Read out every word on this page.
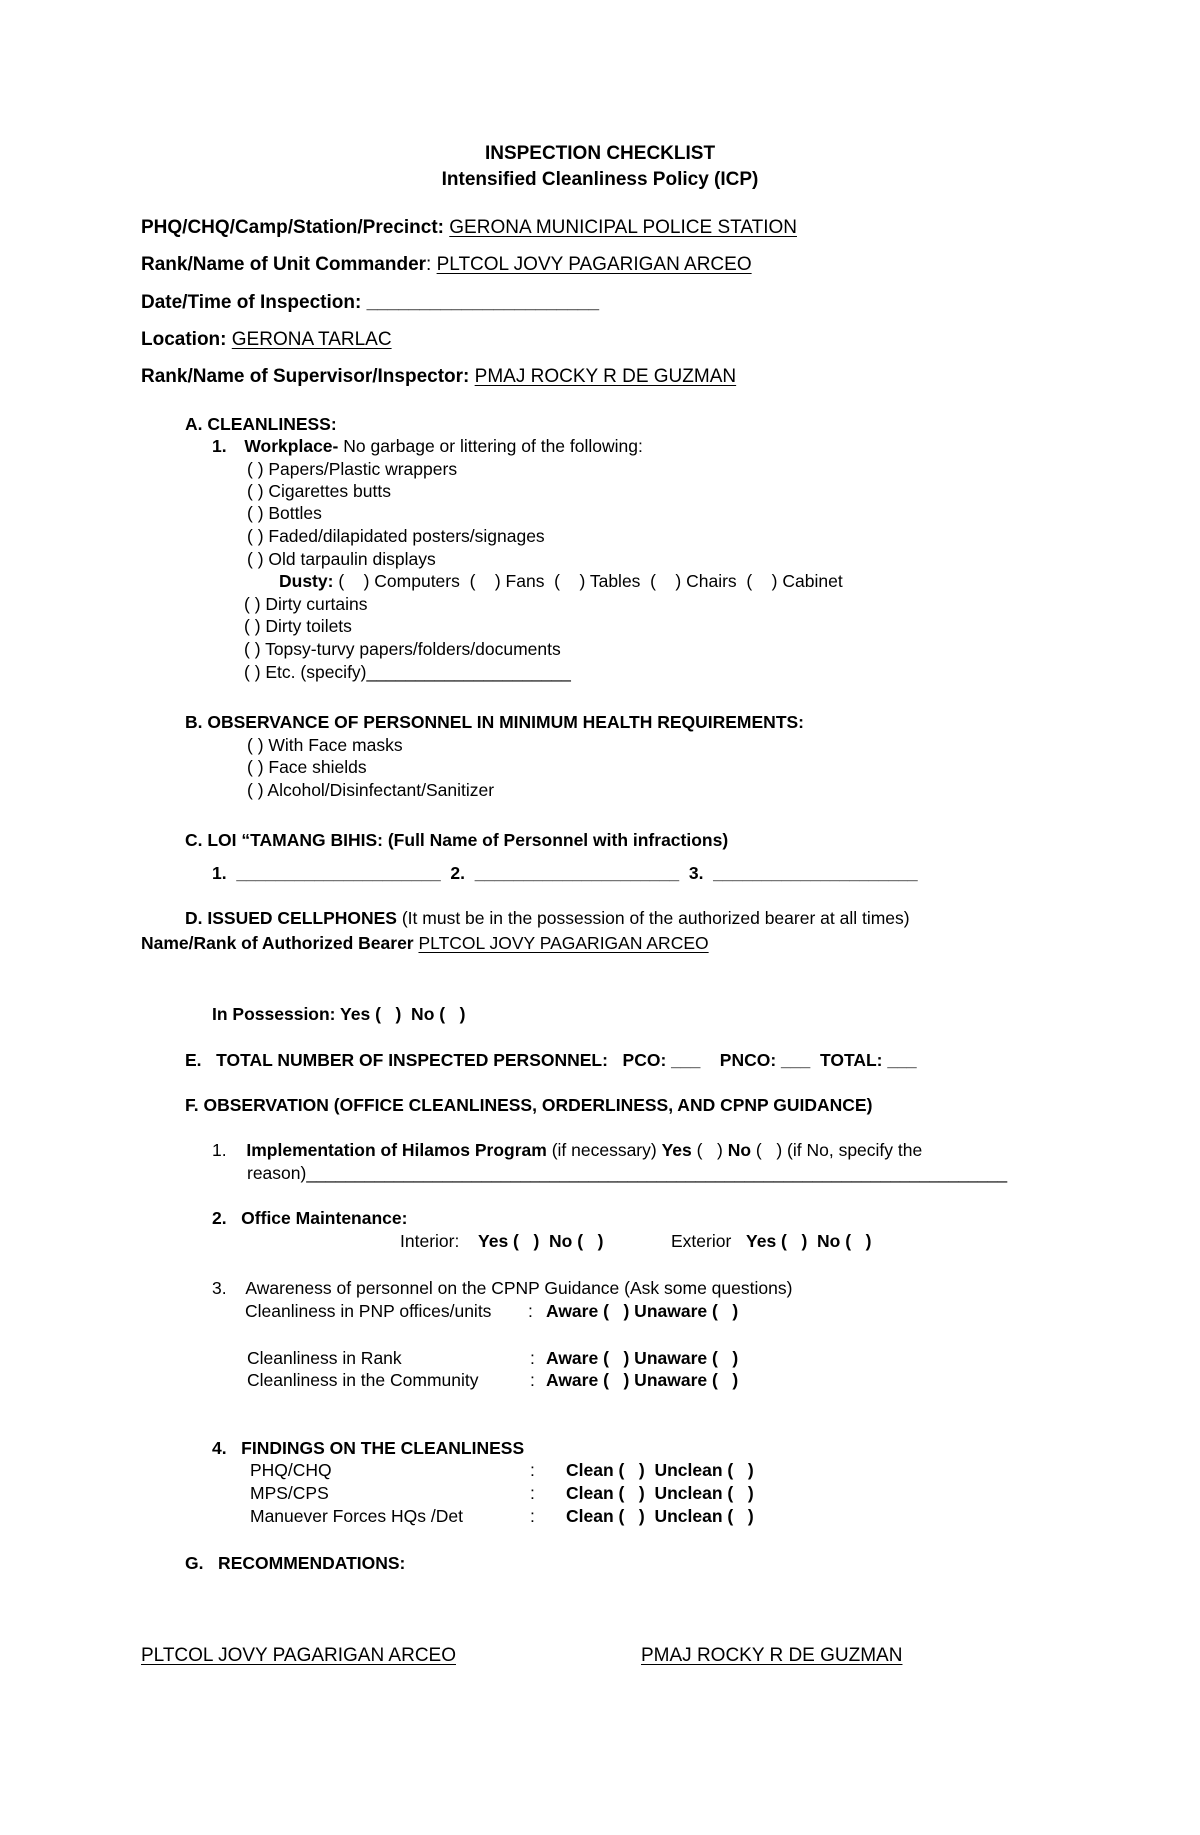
INSPECTION CHECKLIST
Intensified Cleanliness Policy (ICP)
PHQ/CHQ/Camp/Station/Precinct: GERONA MUNICIPAL POLICE STATION
Rank/Name of Unit Commander: PLTCOL JOVY PAGARIGAN ARCEO
Date/Time of Inspection: ______________________
Location: GERONA TARLAC
Rank/Name of Supervisor/Inspector: PMAJ ROCKY R DE GUZMAN
A. CLEANLINESS:
1. Workplace- No garbage or littering of the following:
( ) Papers/Plastic wrappers
( ) Cigarettes butts
( ) Bottles
( ) Faded/dilapidated posters/signages
( ) Old tarpaulin displays
Dusty: (    ) Computers  (    ) Fans  (    ) Tables  (    ) Chairs  (    ) Cabinet
( ) Dirty curtains
( ) Dirty toilets
( ) Topsy-turvy papers/folders/documents
( ) Etc. (specify)_____________________
B. OBSERVANCE OF PERSONNEL IN MINIMUM HEALTH REQUIREMENTS:
( ) With Face masks
( ) Face shields
( ) Alcohol/Disinfectant/Sanitizer
C. LOI “TAMANG BIHIS: (Full Name of Personnel with infractions)
1.  _____________________  2.  _____________________  3.  _____________________
D. ISSUED CELLPHONES (It must be in the possession of the authorized bearer at all times)
Name/Rank of Authorized Bearer PLTCOL JOVY PAGARIGAN ARCEO
In Possession: Yes (   )  No (   )
E.   TOTAL NUMBER OF INSPECTED PERSONNEL:   PCO: ___    PNCO: ___  TOTAL: ___
F. OBSERVATION (OFFICE CLEANLINESS, ORDERLINESS, AND CPNP GUIDANCE)
1. Implementation of Hilamos Program (if necessary) Yes (   ) No (   ) (if No, specify the
reason)________________________________________________________________________
2.   Office Maintenance:
Interior: Yes (   )  No (   )	Exterior Yes (   )  No (   )
3. Awareness of personnel on the CPNP Guidance (Ask some questions)
Cleanliness in PNP offices/units : Aware (   ) Unaware (   )
Cleanliness in Rank	: Aware (   ) Unaware (   )
Cleanliness in the Community	: Aware (   ) Unaware (   )
4.   FINDINGS ON THE CLEANLINESS
PHQ/CHQ	: Clean (   )  Unclean (   )
MPS/CPS	: Clean (   )  Unclean (   )
Manuever Forces HQs /Det	: Clean (   )  Unclean (   )
G.   RECOMMENDATIONS:
PLTCOL JOVY PAGARIGAN ARCEO	PMAJ ROCKY R DE GUZMAN
